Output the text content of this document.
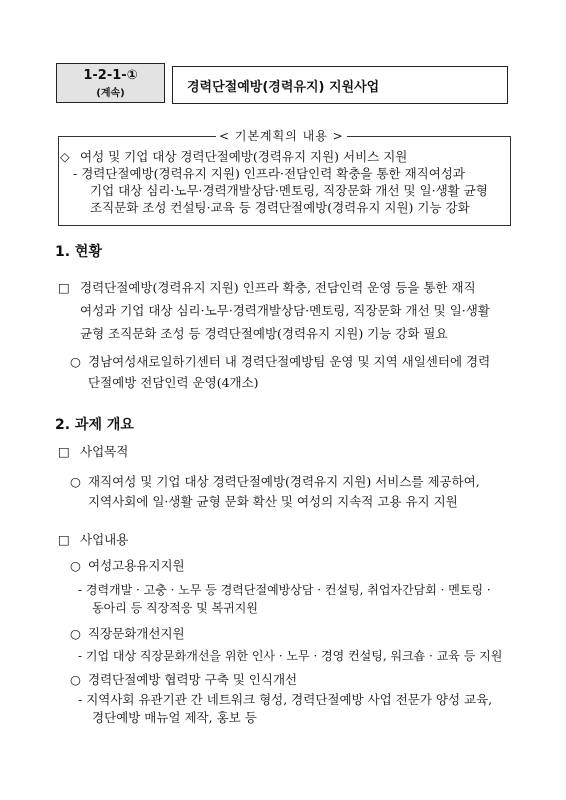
1-2-1-①
(계속)	경력단절예방(경력유지) 지원사업
< 기본계획의 내용 >
◇ 여성 및 기업 대상 경력단절예방(경력유지 지원) 서비스 지원
- 경력단절예방(경력유지 지원) 인프라·전담인력 확충을 통한 재직여성과
기업 대상 심리·노무·경력개발상담·멘토링, 직장문화 개선 및 일·생활 균형
조직문화 조성 컨설팅·교육 등 경력단절예방(경력유지 지원) 기능 강화
1. 현황
□ 경력단절예방(경력유지 지원) 인프라 확충, 전담인력 운영 등을 통한 재직
여성과 기업 대상 심리·노무·경력개발상담·멘토링, 직장문화 개선 및 일·생활
균형 조직문화 조성 등 경력단절예방(경력유지 지원) 기능 강화 필요
○ 경남여성새로일하기센터 내 경력단절예방팀 운영 및 지역 새일센터에 경력
단절예방 전담인력 운영(4개소)
2. 과제 개요
□ 사업목적
○ 재직여성 및 기업 대상 경력단절예방(경력유지 지원) 서비스를 제공하여,
지역사회에 일·생활 균형 문화 확산 및 여성의 지속적 고용 유지 지원
□ 사업내용
○ 여성고용유지지원
- 경력개발 · 고충 · 노무 등 경력단절예방상담 · 컨설팅, 취업자간담회 · 멘토링 ·
동아리 등 직장적응 및 복귀지원
○ 직장문화개선지원
- 기업 대상 직장문화개선을 위한 인사 · 노무 · 경영 컨설팅, 워크숍 · 교육 등 지원
○ 경력단절예방 협력망 구축 및 인식개선
- 지역사회 유관기관 간 네트워크 형성, 경력단절예방 사업 전문가 양성 교육,
경단예방 매뉴얼 제작, 홍보 등
